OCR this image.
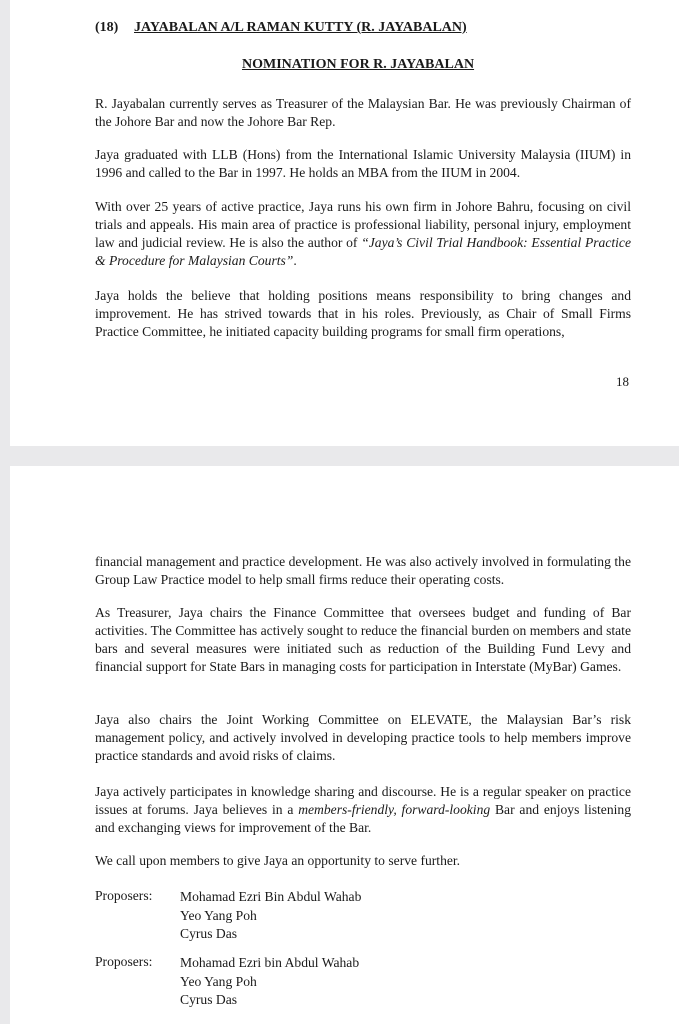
(18) JAYABALAN A/L RAMAN KUTTY (R. JAYABALAN)
NOMINATION FOR R. JAYABALAN

R. Jayabalan currently serves as Treasurer of the Malaysian Bar. He was previously Chairman of the Johore Bar and now the Johore Bar Rep.

Jaya graduated with LLB (Hons) from the International Islamic University Malaysia (IIUM) in 1996 and called to the Bar in 1997. He holds an MBA from the IIUM in 2004.

With over 25 years of active practice, Jaya runs his own firm in Johore Bahru, focusing on civil trials and appeals. His main area of practice is professional liability, personal injury, employment law and judicial review. He is also the author of “Jaya’s Civil Trial Handbook: Essential Practice & Procedure for Malaysian Courts”.

Jaya holds the believe that holding positions means responsibility to bring changes and improvement. He has strived towards that in his roles. Previously, as Chair of Small Firms Practice Committee, he initiated capacity building programs for small firm operations,

18

financial management and practice development. He was also actively involved in formulating the Group Law Practice model to help small firms reduce their operating costs.

As Treasurer, Jaya chairs the Finance Committee that oversees budget and funding of Bar activities. The Committee has actively sought to reduce the financial burden on members and state bars and several measures were initiated such as reduction of the Building Fund Levy and financial support for State Bars in managing costs for participation in Interstate (MyBar) Games.

Jaya also chairs the Joint Working Committee on ELEVATE, the Malaysian Bar’s risk management policy, and actively involved in developing practice tools to help members improve practice standards and avoid risks of claims.

Jaya actively participates in knowledge sharing and discourse. He is a regular speaker on practice issues at forums. Jaya believes in a members-friendly, forward-looking Bar and enjoys listening and exchanging views for improvement of the Bar.

We call upon members to give Jaya an opportunity to serve further.

Proposers: Mohamad Ezri Bin Abdul Wahab
Yeo Yang Poh
Cyrus Das
Proposers: Mohamad Ezri bin Abdul Wahab
Yeo Yang Poh
Cyrus Das
